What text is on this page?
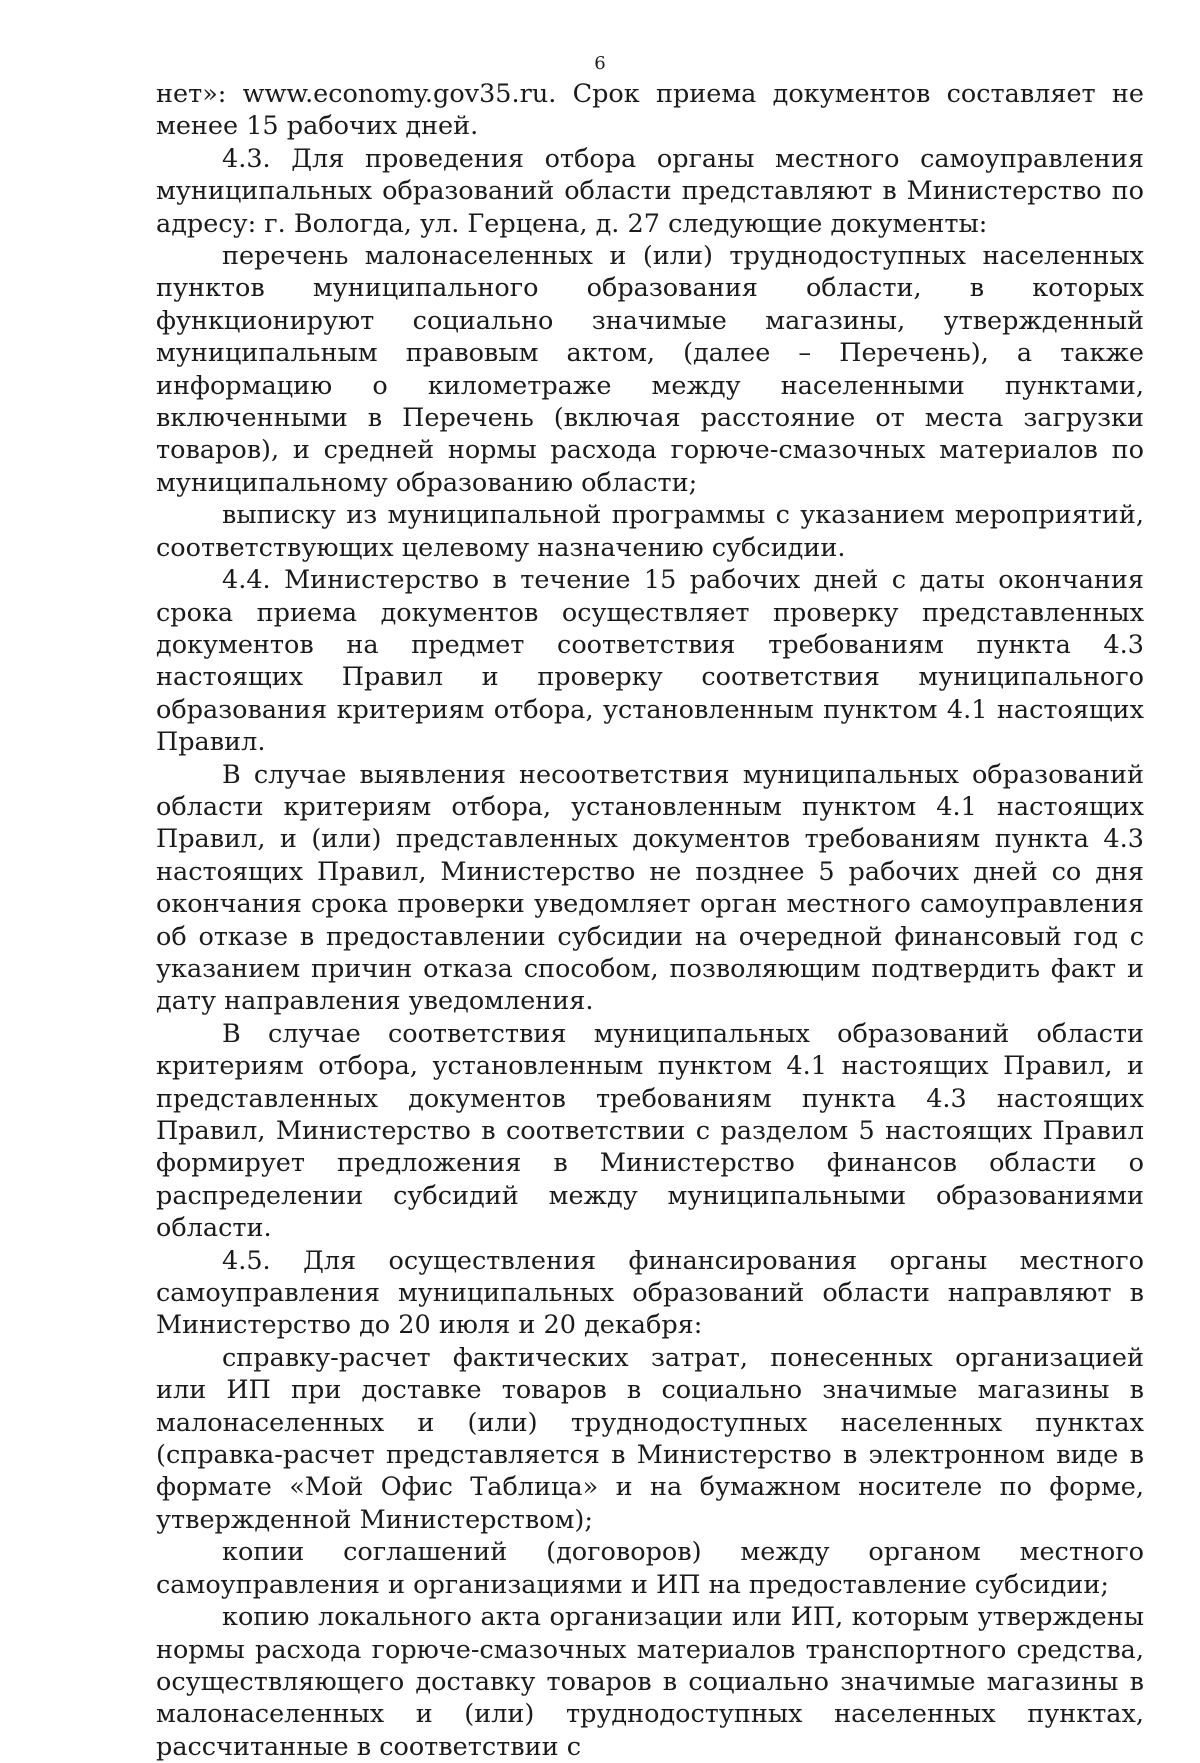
6

нет»: www.economy.gov35.ru. Срок приема документов составляет не менее 15 рабочих дней.

4.3. Для проведения отбора органы местного самоуправления муниципальных образований области представляют в Министерство по адресу: г. Вологда, ул. Герцена, д. 27 следующие документы:

перечень малонаселенных и (или) труднодоступных населенных пунктов муниципального образования области, в которых функционируют социально значимые магазины, утвержденный муниципальным правовым актом, (далее – Перечень), а также информацию о километраже между населенными пунктами, включенными в Перечень (включая расстояние от места загрузки товаров), и средней нормы расхода горюче-смазочных материалов по муниципальному образованию области;

выписку из муниципальной программы с указанием мероприятий, соответствующих целевому назначению субсидии.

4.4. Министерство в течение 15 рабочих дней с даты окончания срока приема документов осуществляет проверку представленных документов на предмет соответствия требованиям пункта 4.3 настоящих Правил и проверку соответствия муниципального образования критериям отбора, установленным пунктом 4.1 настоящих Правил.

В случае выявления несоответствия муниципальных образований области критериям отбора, установленным пунктом 4.1 настоящих Правил, и (или) представленных документов требованиям пункта 4.3 настоящих Правил, Министерство не позднее 5 рабочих дней со дня окончания срока проверки уведомляет орган местного самоуправления об отказе в предоставлении субсидии на очередной финансовый год с указанием причин отказа способом, позволяющим подтвердить факт и дату направления уведомления.

В случае соответствия муниципальных образований области критериям отбора, установленным пунктом 4.1 настоящих Правил, и представленных документов требованиям пункта 4.3 настоящих Правил, Министерство в соответствии с разделом 5 настоящих Правил формирует предложения в Министерство финансов области о распределении субсидий между муниципальными образованиями области.

4.5. Для осуществления финансирования органы местного самоуправления муниципальных образований области направляют в Министерство до 20 июля и 20 декабря:

справку-расчет фактических затрат, понесенных организацией или ИП при доставке товаров в социально значимые магазины в малонаселенных и (или) труднодоступных населенных пунктах (справка-расчет представляется в Министерство в электронном виде в формате «Мой Офис Таблица» и на бумажном носителе по форме, утвержденной Министерством);

копии соглашений (договоров) между органом местного самоуправления и организациями и ИП на предоставление субсидии;

копию локального акта организации или ИП, которым утверждены нормы расхода горюче-смазочных материалов транспортного средства, осуществляющего доставку товаров в социально значимые магазины в малонаселенных и (или) труднодоступных населенных пунктах, рассчитанные в соответствии с
